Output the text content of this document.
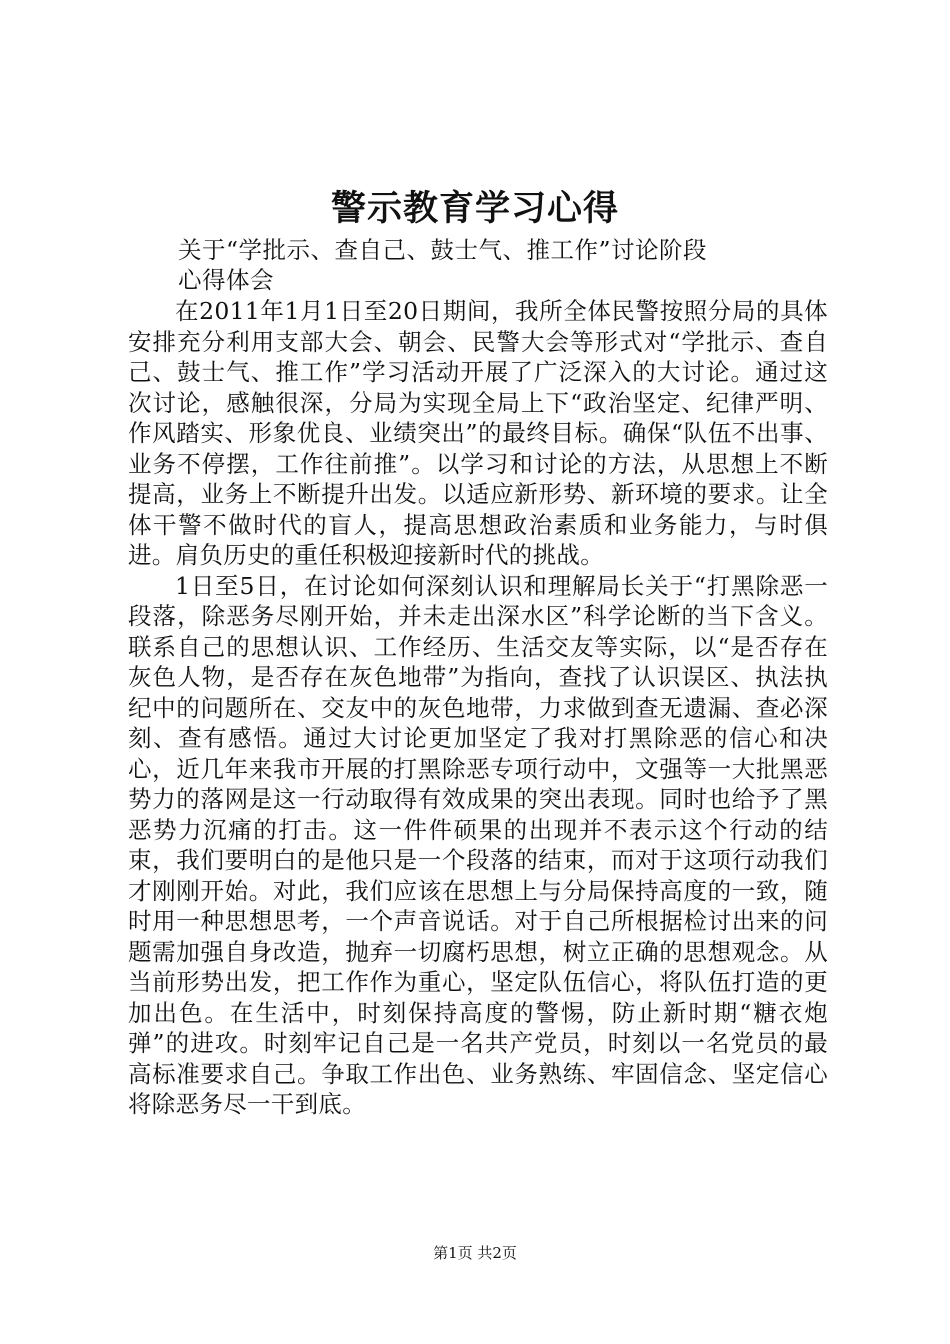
警示教育学习心得
关于“学批示、查自己、鼓士气、推工作”讨论阶段
心得体会

在2011年1月1日至20日期间，我所全体民警按照分局的具体安排充分利用支部大会、朝会、民警大会等形式对“学批示、查自己、鼓士气、推工作”学习活动开展了广泛深入的大讨论。通过这次讨论，感触很深，分局为实现全局上下“政治坚定、纪律严明、作风踏实、形象优良、业绩突出”的最终目标。确保“队伍不出事、业务不停摆，工作往前推”。以学习和讨论的方法，从思想上不断提高，业务上不断提升出发。以适应新形势、新环境的要求。让全体干警不做时代的盲人，提高思想政治素质和业务能力，与时俱进。肩负历史的重任积极迎接新时代的挑战。

1日至5日，在讨论如何深刻认识和理解局长关于“打黑除恶一段落，除恶务尽刚开始，并未走出深水区”科学论断的当下含义。联系自己的思想认识、工作经历、生活交友等实际，以“是否存在灰色人物，是否存在灰色地带”为指向，查找了认识误区、执法执纪中的问题所在、交友中的灰色地带，力求做到查无遗漏、查必深刻、查有感悟。通过大讨论更加坚定了我对打黑除恶的信心和决心，近几年来我市开展的打黑除恶专项行动中，文强等一大批黑恶势力的落网是这一行动取得有效成果的突出表现。同时也给予了黑恶势力沉痛的打击。这一件件硕果的出现并不表示这个行动的结束，我们要明白的是他只是一个段落的结束，而对于这项行动我们才刚刚开始。对此，我们应该在思想上与分局保持高度的一致，随时用一种思想思考，一个声音说话。对于自己所根据检讨出来的问题需加强自身改造，抛弃一切腐朽思想，树立正确的思想观念。从当前形势出发，把工作作为重心，坚定队伍信心，将队伍打造的更加出色。在生活中，时刻保持高度的警惕，防止新时期“糖衣炮弹”的进攻。时刻牢记自己是一名共产党员，时刻以一名党员的最高标准要求自己。争取工作出色、业务熟练、牢固信念、坚定信心将除恶务尽一干到底。

第1页 共2页
